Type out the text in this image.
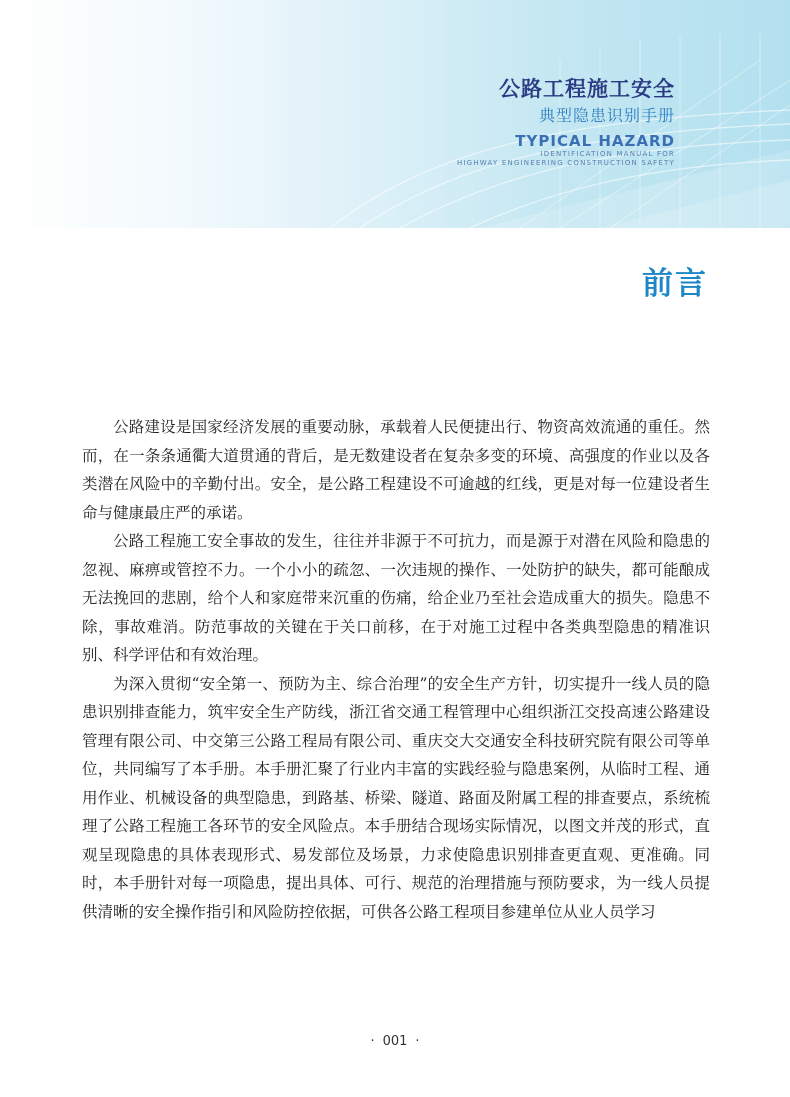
公路工程施工安全
典型隐患识别手册
TYPICAL HAZARD
IDENTIFICATION MANUAL FOR
HIGHWAY ENGINEERING CONSTRUCTION SAFETY
前言

公路建设是国家经济发展的重要动脉，承载着人民便捷出行、物资高效流通的重任。然而，在一条条通衢大道贯通的背后，是无数建设者在复杂多变的环境、高强度的作业以及各类潜在风险中的辛勤付出。安全，是公路工程建设不可逾越的红线，更是对每一位建设者生命与健康最庄严的承诺。

公路工程施工安全事故的发生，往往并非源于不可抗力，而是源于对潜在风险和隐患的忽视、麻痹或管控不力。一个小小的疏忽、一次违规的操作、一处防护的缺失，都可能酿成无法挽回的悲剧，给个人和家庭带来沉重的伤痛，给企业乃至社会造成重大的损失。隐患不除，事故难消。防范事故的关键在于关口前移，在于对施工过程中各类典型隐患的精准识别、科学评估和有效治理。

为深入贯彻“安全第一、预防为主、综合治理”的安全生产方针，切实提升一线人员的隐患识别排查能力，筑牢安全生产防线，浙江省交通工程管理中心组织浙江交投高速公路建设管理有限公司、中交第三公路工程局有限公司、重庆交大交通安全科技研究院有限公司等单位，共同编写了本手册。本手册汇聚了行业内丰富的实践经验与隐患案例，从临时工程、通用作业、机械设备的典型隐患，到路基、桥梁、隧道、路面及附属工程的排查要点，系统梳理了公路工程施工各环节的安全风险点。本手册结合现场实际情况，以图文并茂的形式，直观呈现隐患的具体表现形式、易发部位及场景，力求使隐患识别排查更直观、更准确。同时，本手册针对每一项隐患，提出具体、可行、规范的治理措施与预防要求，为一线人员提供清晰的安全操作指引和风险防控依据，可供各公路工程项目参建单位从业人员学习

· 001 ·
